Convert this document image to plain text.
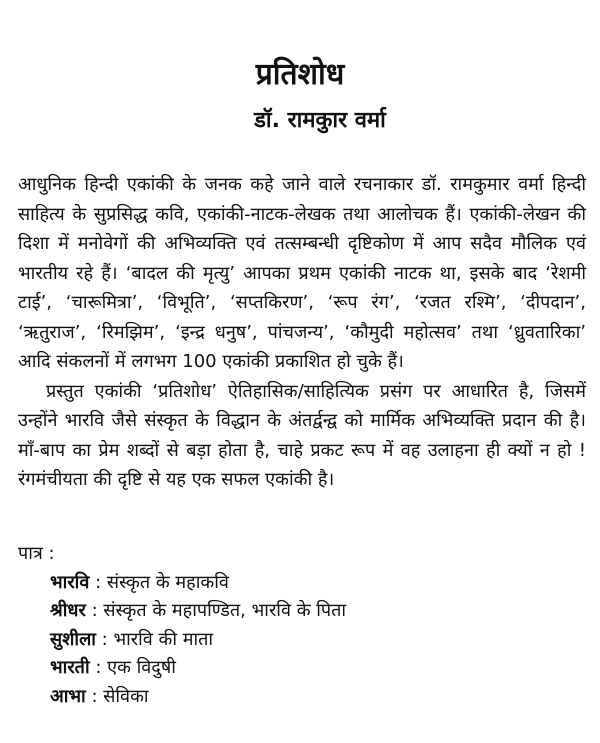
प्रतिशोध
डॉ. रामकुार वर्मा

आधुनिक हिन्दी एकांकी के जनक कहे जाने वाले रचनाकार डॉ. रामकुमार वर्मा हिन्दी साहित्य के सुप्रसिद्ध कवि, एकांकी-नाटक-लेखक तथा आलोचक हैं। एकांकी-लेखन की दिशा में मनोवेगों की अभिव्यक्ति एवं तत्सम्बन्धी दृष्टिकोण में आप सदैव मौलिक एवं भारतीय रहे हैं। ‘बादल की मृत्यु’ आपका प्रथम एकांकी नाटक था, इसके बाद ‘रेशमी टाई’, ‘चारूमित्रा’, ‘विभूति’, ‘सप्तकिरण’, ‘रूप रंग’, ‘रजत रश्मि’, ‘दीपदान’, ‘ऋतुराज’, ‘रिमझिम’, ‘इन्द्र धनुष’, पांचजन्य’, ‘कौमुदी महोत्सव’ तथा ‘ध्रुवतारिका’ आदि संकलनों में लगभग 100 एकांकी प्रकाशित हो चुके हैं।

प्रस्तुत एकांकी ‘प्रतिशोध’ ऐतिहासिक/साहित्यिक प्रसंग पर आधारित है, जिसमें उन्होंने भारवि जैसे संस्कृत के विद्धान के अंतर्द्वन्द्व को मार्मिक अभिव्यक्ति प्रदान की है। माँ-बाप का प्रेम शब्दों से बड़ा होता है, चाहे प्रकट रूप में वह उलाहना ही क्यों न हो ! रंगमंचीयता की दृष्टि से यह एक सफल एकांकी है।

पात्र :
भारवि : संस्कृत के महाकवि
श्रीधर : संस्कृत के महापण्डित, भारवि के पिता
सुशीला : भारवि की माता
भारती : एक विदुषी
आभा : सेविका
